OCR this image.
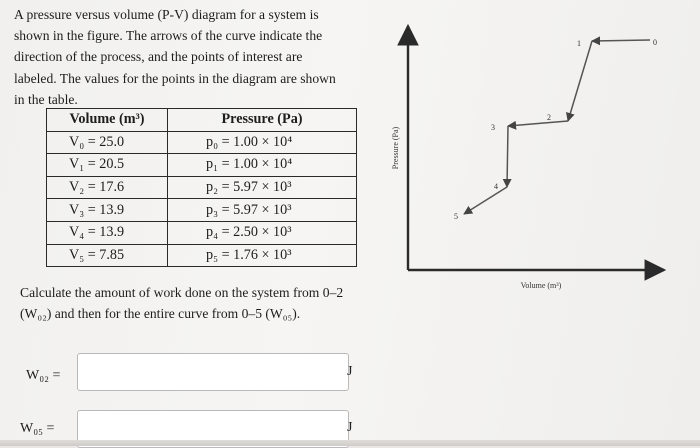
A pressure versus volume (P-V) diagram for a system is
shown in the figure. The arrows of the curve indicate the
direction of the process, and the points of interest are
labeled. The values for the points in the diagram are shown
in the table.
Volume (m³)	Pressure (Pa)
V₀ = 25.0	p₀ = 1.00 × 10⁴
V₁ = 20.5	p₁ = 1.00 × 10⁴
V₂ = 17.6	p₂ = 5.97 × 10³
V₃ = 13.9	p₃ = 5.97 × 10³
V₄ = 13.9	p₄ = 2.50 × 10³
V₅ = 7.85	p₅ = 1.76 × 10³
Calculate the amount of work done on the system from 0–2
(W₀₂) and then for the entire curve from 0–5 (W₀₅).
0
1
2
3
4
5
Pressure (Pa)
Volume (m³)
W₀₂ =	J
W₀₅ =	J
